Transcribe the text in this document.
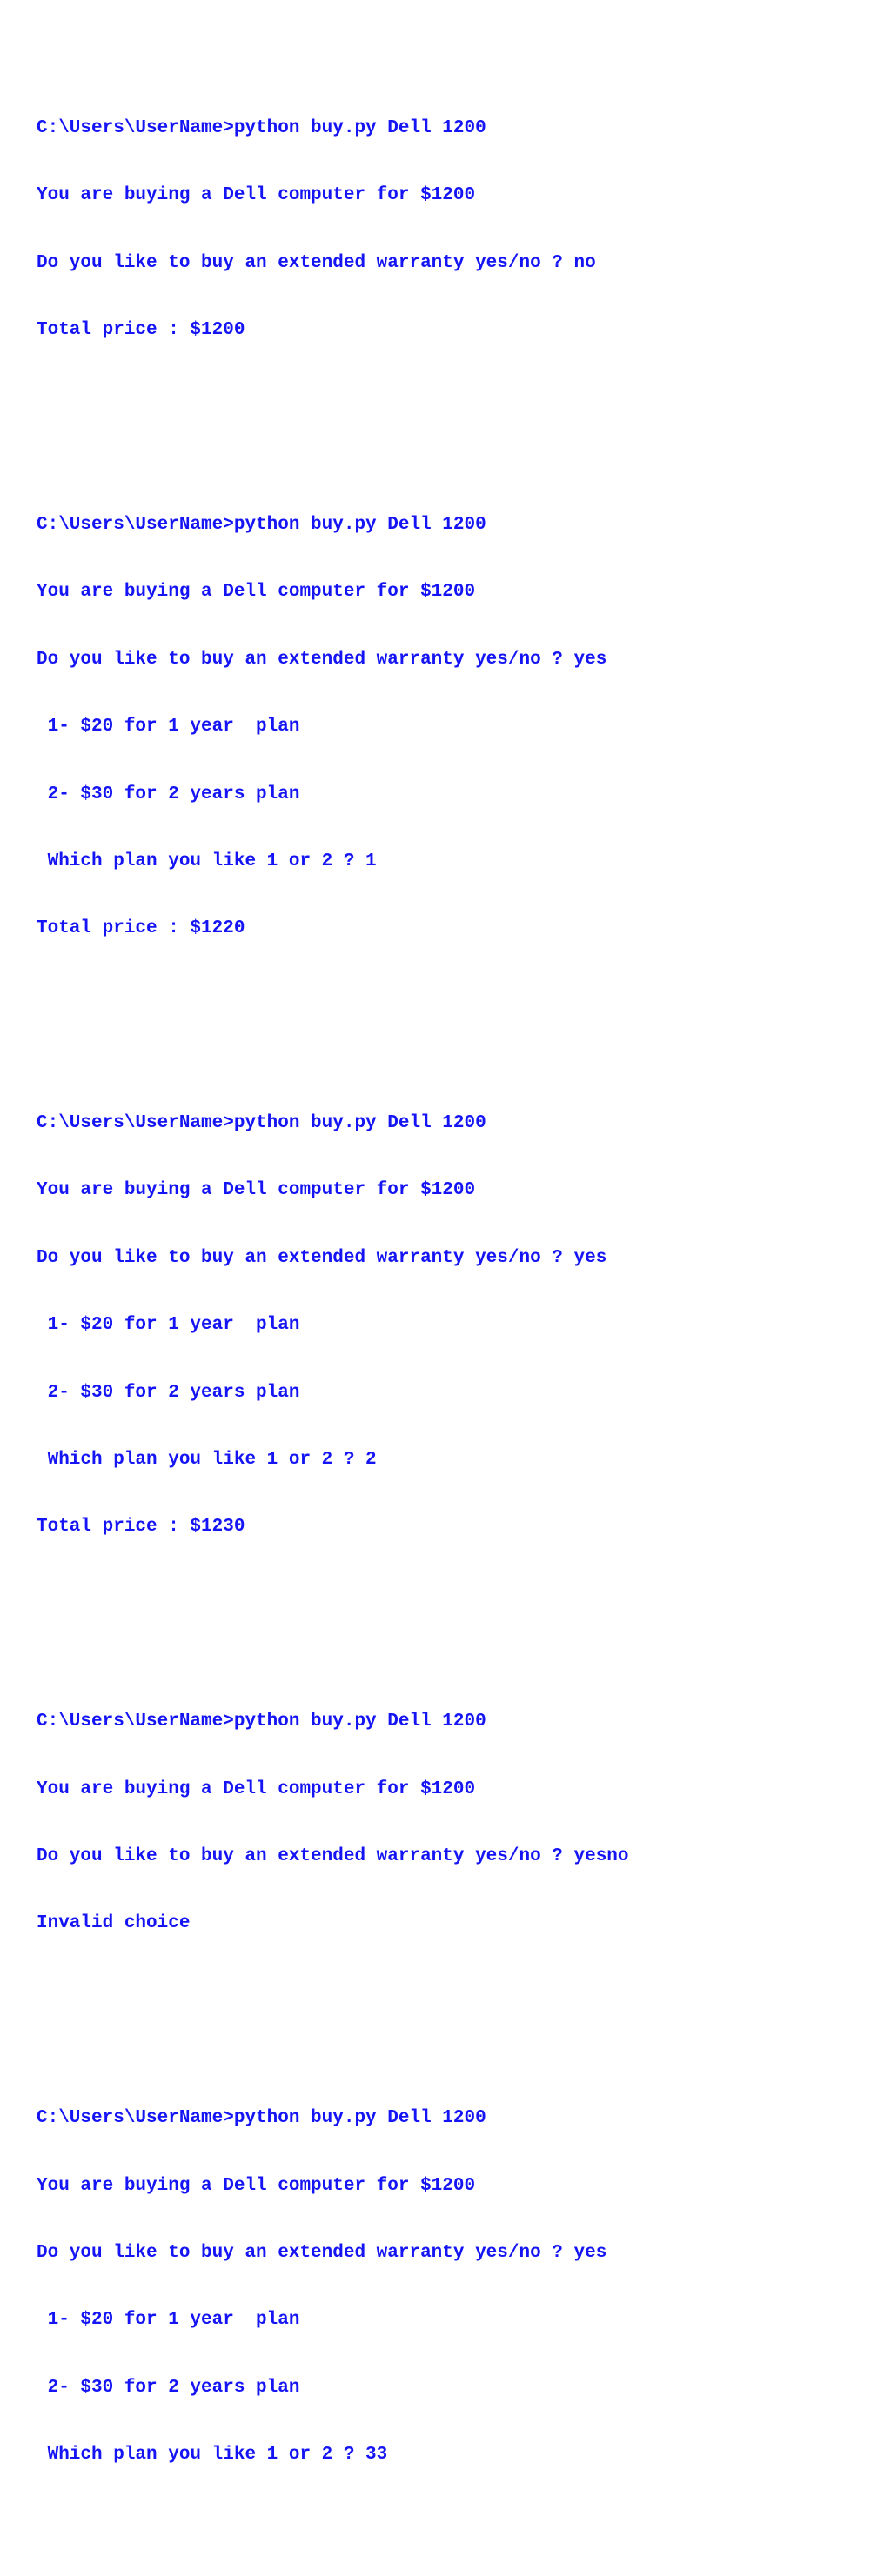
C:\Users\UserName>python buy.py Dell 1200

You are buying a Dell computer for $1200

Do you like to buy an extended warranty yes/no ? no

Total price : $1200

C:\Users\UserName>python buy.py Dell 1200

You are buying a Dell computer for $1200

Do you like to buy an extended warranty yes/no ? yes

1- $20 for 1 year  plan

2- $30 for 2 years plan

Which plan you like 1 or 2 ? 1

Total price : $1220

C:\Users\UserName>python buy.py Dell 1200

You are buying a Dell computer for $1200

Do you like to buy an extended warranty yes/no ? yes

1- $20 for 1 year  plan

2- $30 for 2 years plan

Which plan you like 1 or 2 ? 2

Total price : $1230

C:\Users\UserName>python buy.py Dell 1200

You are buying a Dell computer for $1200

Do you like to buy an extended warranty yes/no ? yesno

Invalid choice

C:\Users\UserName>python buy.py Dell 1200

You are buying a Dell computer for $1200

Do you like to buy an extended warranty yes/no ? yes

1- $20 for 1 year  plan

2- $30 for 2 years plan

Which plan you like 1 or 2 ? 33
